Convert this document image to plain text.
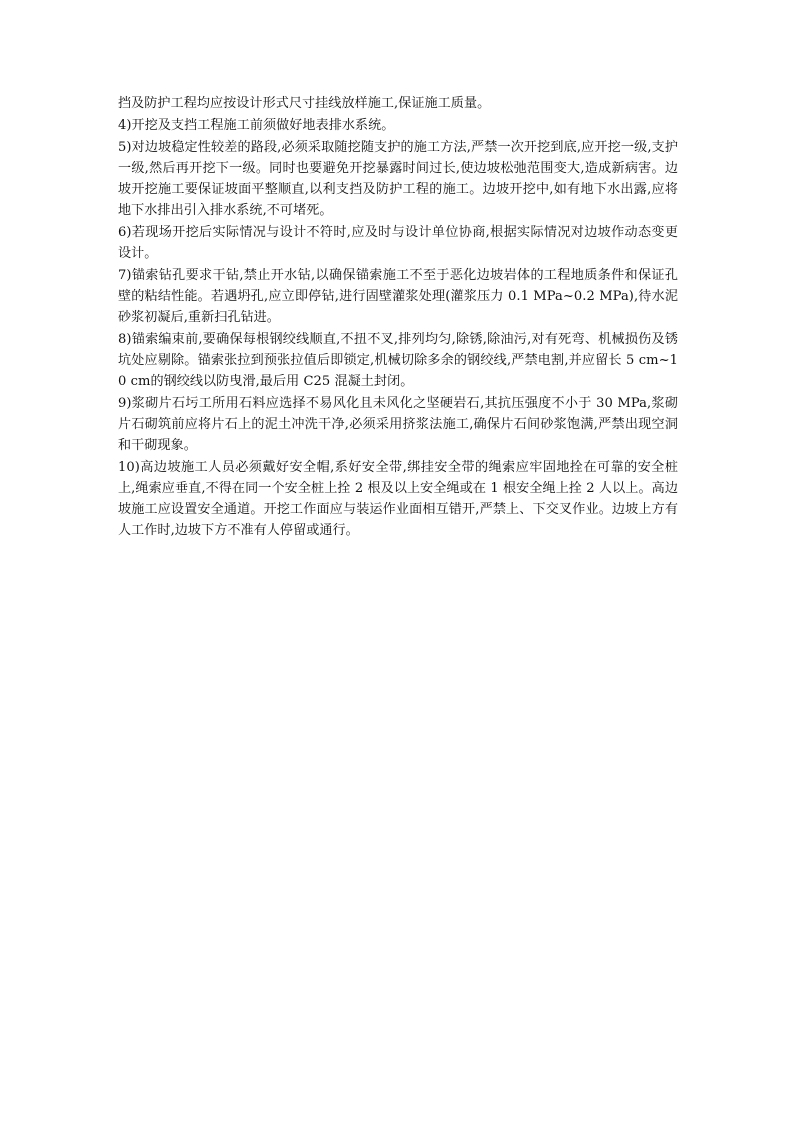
挡及防护工程均应按设计形式尺寸挂线放样施工,保证施工质量。

4)开挖及支挡工程施工前须做好地表排水系统。

5)对边坡稳定性较差的路段,必须采取随挖随支护的施工方法,严禁一次开挖到底,应开挖一级,支护一级,然后再开挖下一级。同时也要避免开挖暴露时间过长,使边坡松弛范围变大,造成新病害。边坡开挖施工要保证坡面平整顺直,以利支挡及防护工程的施工。边坡开挖中,如有地下水出露,应将地下水排出引入排水系统,不可堵死。

6)若现场开挖后实际情况与设计不符时,应及时与设计单位协商,根据实际情况对边坡作动态变更设计。

7)锚索钻孔要求干钻,禁止开水钻,以确保锚索施工不至于恶化边坡岩体的工程地质条件和保证孔壁的粘结性能。若遇坍孔,应立即停钻,进行固壁灌浆处理(灌浆压力 0.1 MPa~0.2 MPa),待水泥砂浆初凝后,重新扫孔钻进。

8)锚索编束前,要确保每根钢绞线顺直,不扭不叉,排列均匀,除锈,除油污,对有死弯、机械损伤及锈坑处应剔除。锚索张拉到预张拉值后即锁定,机械切除多余的钢绞线,严禁电割,并应留长 5 cm~10 cm的钢绞线以防曳滑,最后用 C25 混凝土封闭。

9)浆砌片石圬工所用石料应选择不易风化且未风化之坚硬岩石,其抗压强度不小于 30 MPa,浆砌片石砌筑前应将片石上的泥土冲洗干净,必须采用挤浆法施工,确保片石间砂浆饱满,严禁出现空洞和干砌现象。

10)高边坡施工人员必须戴好安全帽,系好安全带,绑挂安全带的绳索应牢固地拴在可靠的安全桩上,绳索应垂直,不得在同一个安全桩上拴 2 根及以上安全绳或在 1 根安全绳上拴 2 人以上。高边坡施工应设置安全通道。开挖工作面应与装运作业面相互错开,严禁上、下交叉作业。边坡上方有人工作时,边坡下方不准有人停留或通行。
